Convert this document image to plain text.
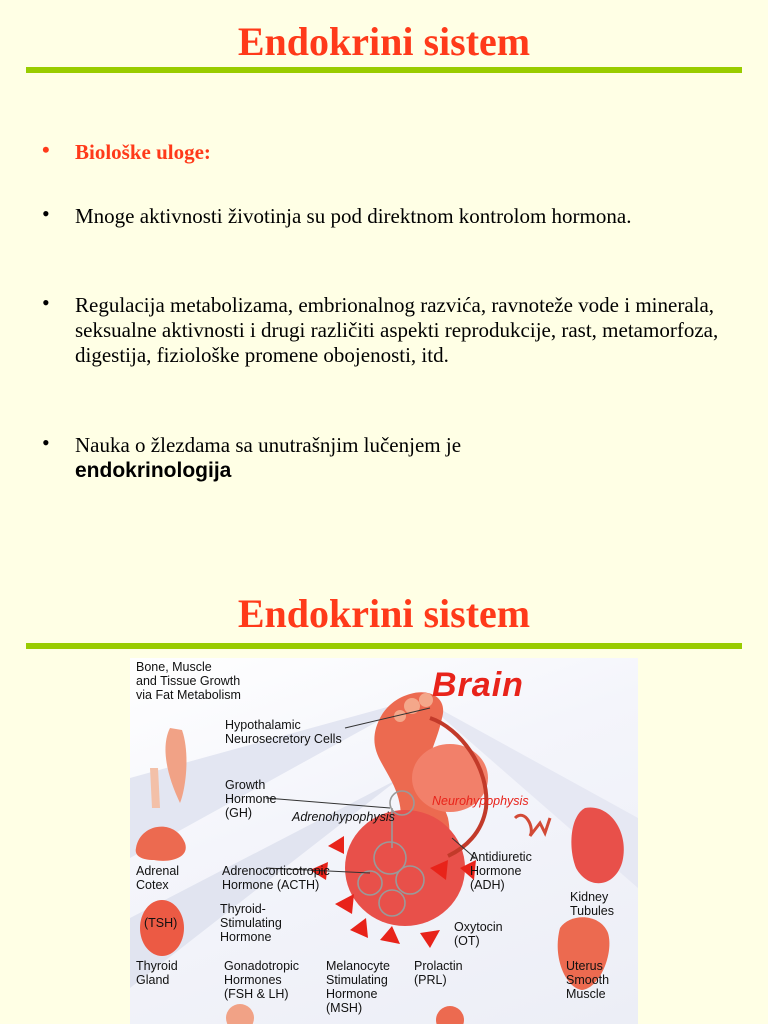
Endokrini sistem
• Biološke uloge:
• Mnoge aktivnosti životinja su pod direktnom kontrolom hormona.
• Regulacija metabolizama, embrionalnog razvića, ravnoteže vode i minerala, seksualne aktivnosti i drugi različiti aspekti reprodukcije, rast, metamorfoza, digestija, fiziološke promene obojenosti, itd.
• Nauka o žlezdama sa unutrašnjim lučenjem je
endokrinologija
Endokrini sistem
Brain
Bone, Muscle
and Tissue Growth
via Fat Metabolism
Hypothalamic
Neurosecretory Cells
Growth
Hormone
(GH)	Adrenohypophysis
Neurohypophysis
Adrenal
Cotex
Adrenocorticotropic
Hormone (ACTH)
Antidiuretic
Hormone
(ADH)
Kidney
Tubules
(TSH)
Thyroid-
Stimulating
Hormone
Oxytocin
(OT)
Thyroid
Gland
Gonadotropic
Hormones
(FSH & LH)
Melanocyte
Stimulating
Hormone
(MSH)
Prolactin
(PRL)
Uterus
Smooth
Muscle
